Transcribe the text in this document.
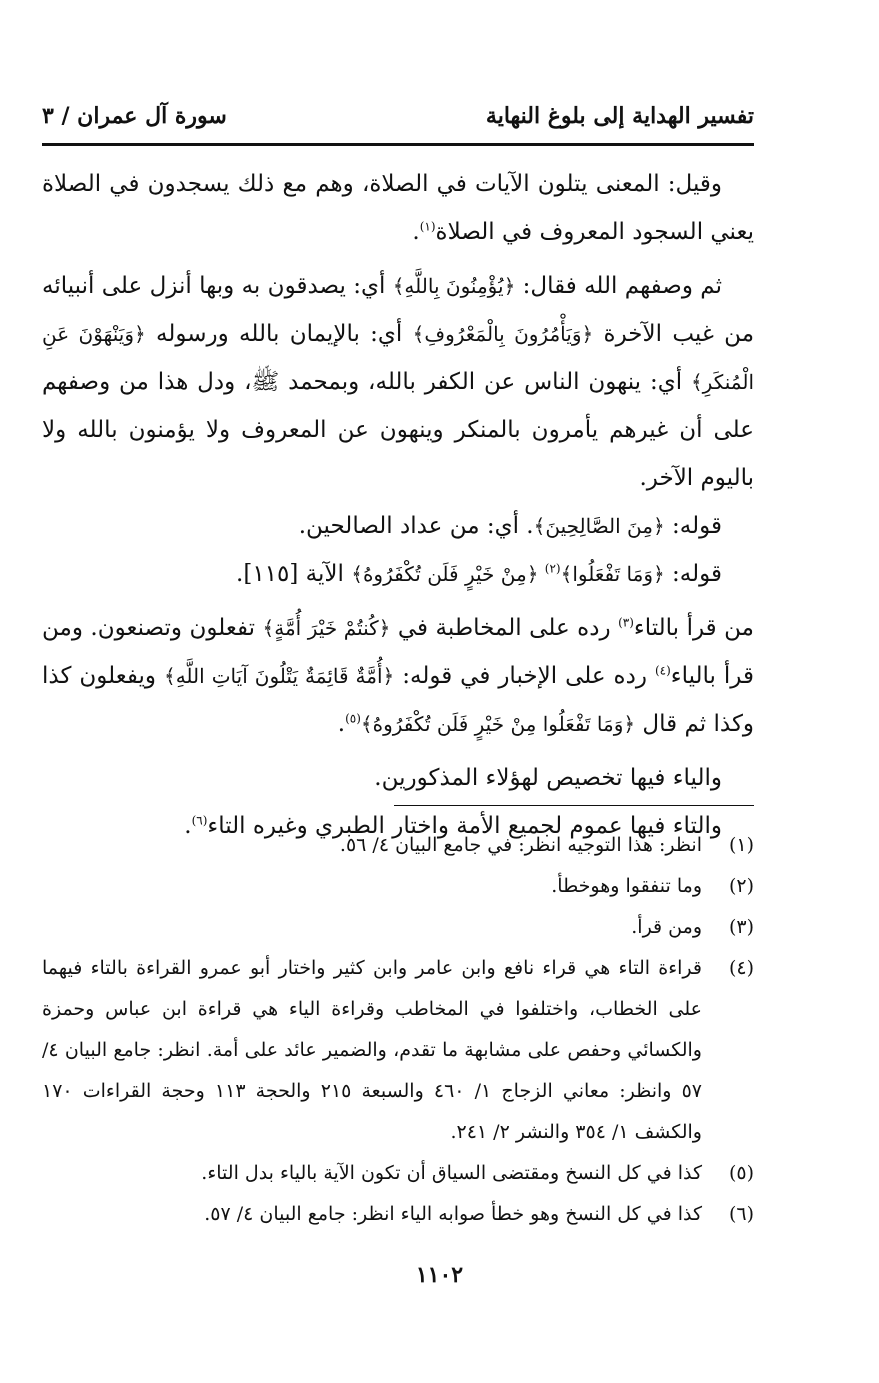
تفسير الهداية إلى بلوغ النهاية
سورة آل عمران / ٣

وقيل: المعنى يتلون الآيات في الصلاة، وهم مع ذلك يسجدون في الصلاة يعني السجود المعروف في الصلاة$^{(١)}$.

ثم وصفهم الله فقال: ﴿يُؤْمِنُونَ بِاللَّهِ﴾ أي: يصدقون به وبها أنزل على أنبيائه من غيب الآخرة ﴿وَيَأْمُرُونَ بِالْمَعْرُوفِ﴾ أي: بالإيمان بالله ورسوله ﴿وَيَنْهَوْنَ عَنِ الْمُنكَرِ﴾ أي: ينهون الناس عن الكفر بالله، وبمحمد ﷺ، ودل هذا من وصفهم على أن غيرهم يأمرون بالمنكر وينهون عن المعروف ولا يؤمنون بالله ولا باليوم الآخر.

قوله: ﴿مِنَ الصَّالِحِينَ﴾. أي: من عداد الصالحين.

قوله: ﴿وَمَا تَفْعَلُوا﴾$^{(٢)}$ ﴿مِنْ خَيْرٍ فَلَن تُكْفَرُوهُ﴾ الآية [١١٥].

من قرأ بالتاء$^{(٣)}$ رده على المخاطبة في ﴿كُنتُمْ خَيْرَ أُمَّةٍ﴾ تفعلون وتصنعون. ومن قرأ بالياء$^{(٤)}$ رده على الإخبار في قوله: ﴿أُمَّةٌ قَائِمَةٌ يَتْلُونَ آيَاتِ اللَّهِ﴾ ويفعلون كذا وكذا ثم قال ﴿وَمَا تَفْعَلُوا مِنْ خَيْرٍ فَلَن تُكْفَرُوهُ﴾$^{(٥)}$.

والياء فيها تخصيص لهؤلاء المذكورين.

والتاء فيها عموم لجميع الأمة واختار الطبري وغيره التاء$^{(٦)}$.

(١)
انظر: هذا التوجيه انظر: في جامع البيان ٤/ ٥٦.
(٢)
وما تنفقوا وهوخطأ.
(٣)
ومن قرأ.
(٤)
قراءة التاء هي قراء نافع وابن عامر وابن كثير واختار أبو عمرو القراءة بالتاء فيهما على الخطاب، واختلفوا في المخاطب وقراءة الياء هي قراءة ابن عباس وحمزة والكسائي وحفص على مشابهة ما تقدم، والضمير عائد على أمة. انظر: جامع البيان ٤/ ٥٧ وانظر: معاني الزجاج ١/ ٤٦٠ والسبعة ٢١٥ والحجة ١١٣ وحجة القراءات ١٧٠ والكشف ١/ ٣٥٤ والنشر ٢/ ٢٤١.
(٥)
كذا في كل النسخ ومقتضى السياق أن تكون الآية بالياء بدل التاء.
(٦)
كذا في كل النسخ وهو خطأ صوابه الياء انظر: جامع البيان ٤/ ٥٧.
١١٠٢
